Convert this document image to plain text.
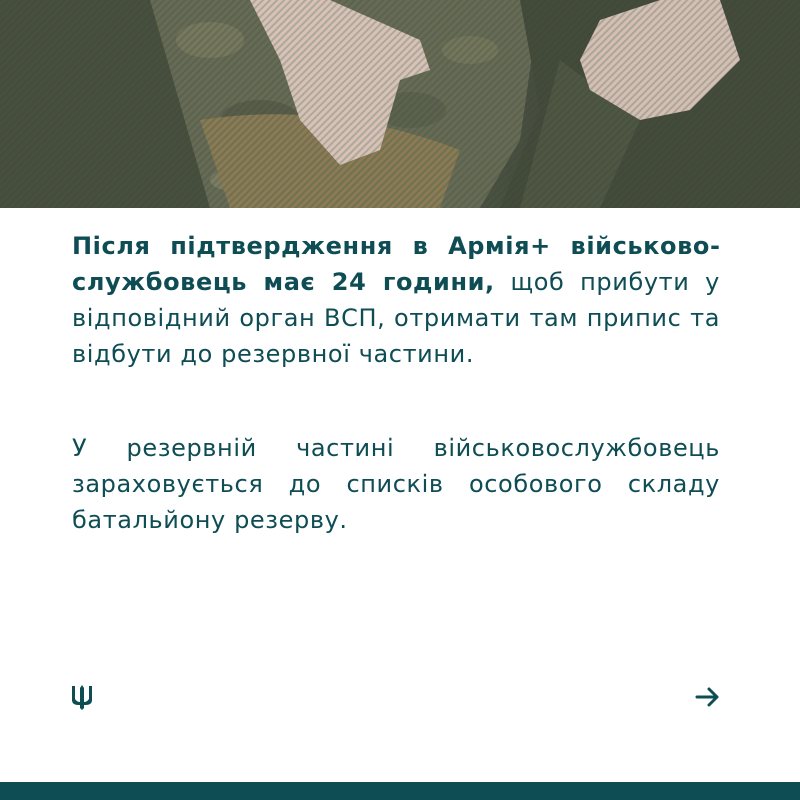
Після підтвердження в Армія+ військовослужбовець має 24 години, щоб прибути у відповідний орган ВСП, отримати там припис та відбути до резервної частини.

У резервній частині військовослужбовець зараховується до списків особового складу батальйону резерву.
